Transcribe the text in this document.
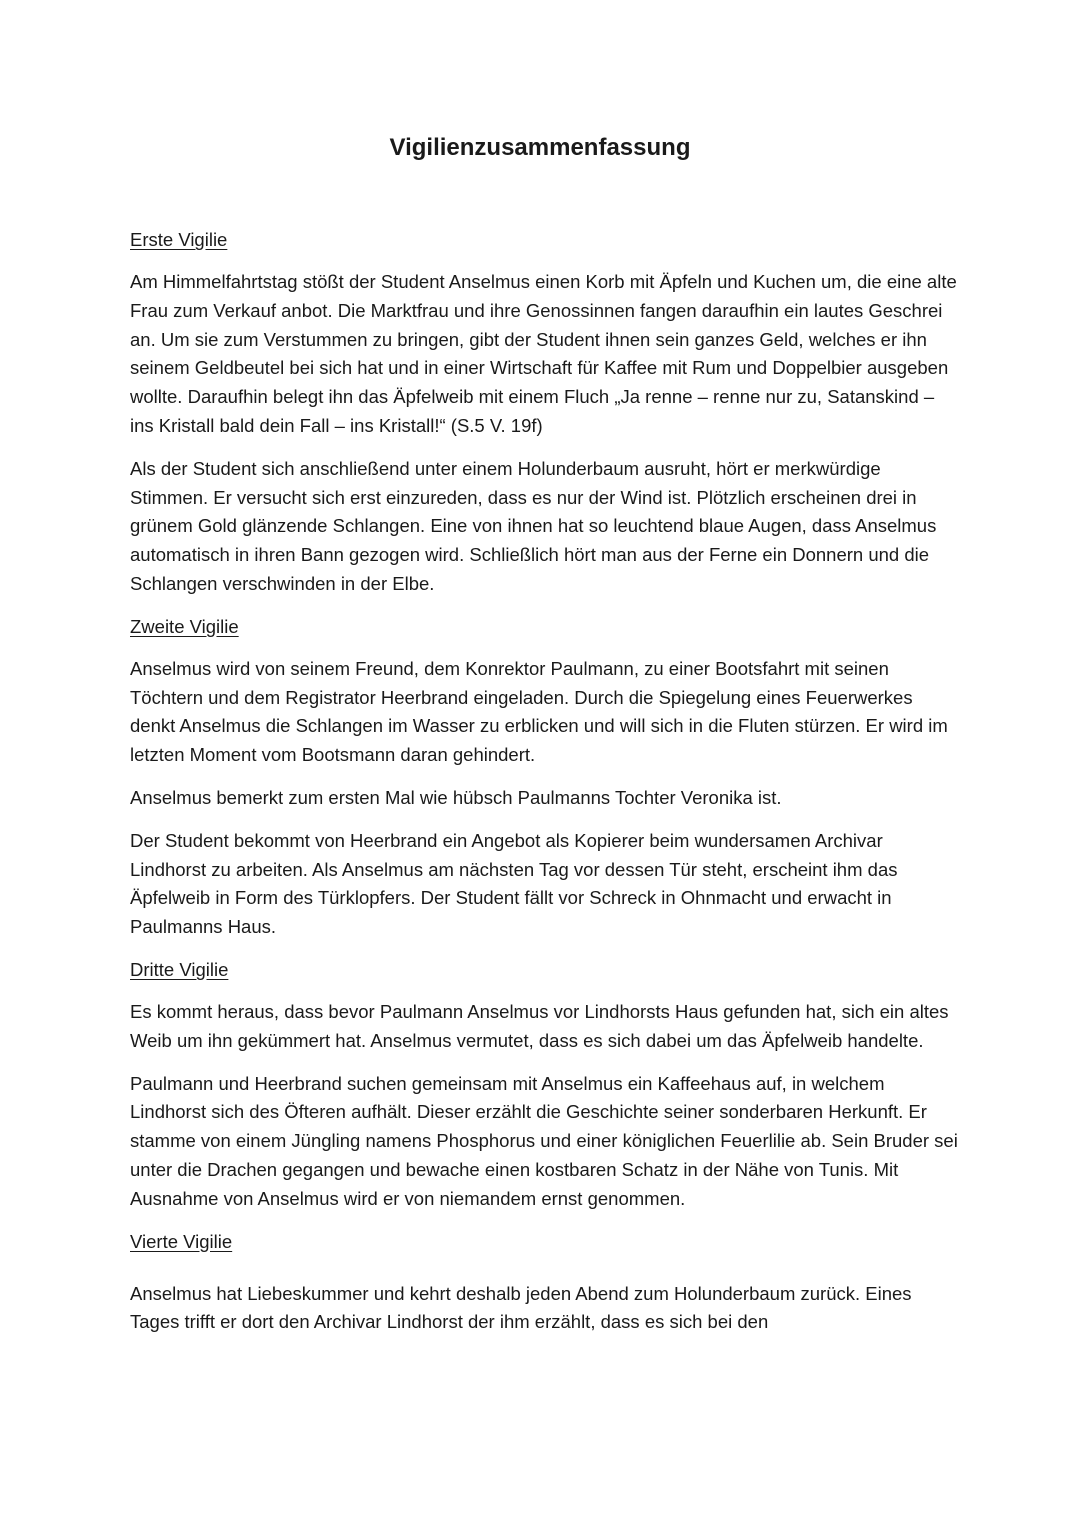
Vigilienzusammenfassung
Erste Vigilie

Am Himmelfahrtstag stößt der Student Anselmus einen Korb mit Äpfeln und Kuchen um, die eine alte Frau zum Verkauf anbot. Die Marktfrau und ihre Genossinnen fangen daraufhin ein lautes Geschrei an. Um sie zum Verstummen zu bringen, gibt der Student ihnen sein ganzes Geld, welches er ihn seinem Geldbeutel bei sich hat und in einer Wirtschaft für Kaffee mit Rum und Doppelbier ausgeben wollte. Daraufhin belegt ihn das Äpfelweib mit einem Fluch „Ja renne – renne nur zu, Satanskind – ins Kristall bald dein Fall – ins Kristall!“ (S.5 V. 19f)

Als der Student sich anschließend unter einem Holunderbaum ausruht, hört er merkwürdige Stimmen. Er versucht sich erst einzureden, dass es nur der Wind ist. Plötzlich erscheinen drei in grünem Gold glänzende Schlangen. Eine von ihnen hat so leuchtend blaue Augen, dass Anselmus automatisch in ihren Bann gezogen wird. Schließlich hört man aus der Ferne ein Donnern und die Schlangen verschwinden in der Elbe.

Zweite Vigilie

Anselmus wird von seinem Freund, dem Konrektor Paulmann, zu einer Bootsfahrt mit seinen Töchtern und dem Registrator Heerbrand eingeladen. Durch die Spiegelung eines Feuerwerkes denkt Anselmus die Schlangen im Wasser zu erblicken und will sich in die Fluten stürzen. Er wird im letzten Moment vom Bootsmann daran gehindert.

Anselmus bemerkt zum ersten Mal wie hübsch Paulmanns Tochter Veronika ist.

Der Student bekommt von Heerbrand ein Angebot als Kopierer beim wundersamen Archivar Lindhorst zu arbeiten. Als Anselmus am nächsten Tag vor dessen Tür steht, erscheint ihm das Äpfelweib in Form des Türklopfers. Der Student fällt vor Schreck in Ohnmacht und erwacht in Paulmanns Haus.

Dritte Vigilie

Es kommt heraus, dass bevor Paulmann Anselmus vor Lindhorsts Haus gefunden hat, sich ein altes Weib um ihn gekümmert hat. Anselmus vermutet, dass es sich dabei um das Äpfelweib handelte.

Paulmann und Heerbrand suchen gemeinsam mit Anselmus ein Kaffeehaus auf, in welchem Lindhorst sich des Öfteren aufhält. Dieser erzählt die Geschichte seiner sonderbaren Herkunft. Er stamme von einem Jüngling namens Phosphorus und einer königlichen Feuerlilie ab. Sein Bruder sei unter die Drachen gegangen und bewache einen kostbaren Schatz in der Nähe von Tunis. Mit Ausnahme von Anselmus wird er von niemandem ernst genommen.

Vierte Vigilie

Anselmus hat Liebeskummer und kehrt deshalb jeden Abend zum Holunderbaum zurück. Eines Tages trifft er dort den Archivar Lindhorst der ihm erzählt, dass es sich bei den
